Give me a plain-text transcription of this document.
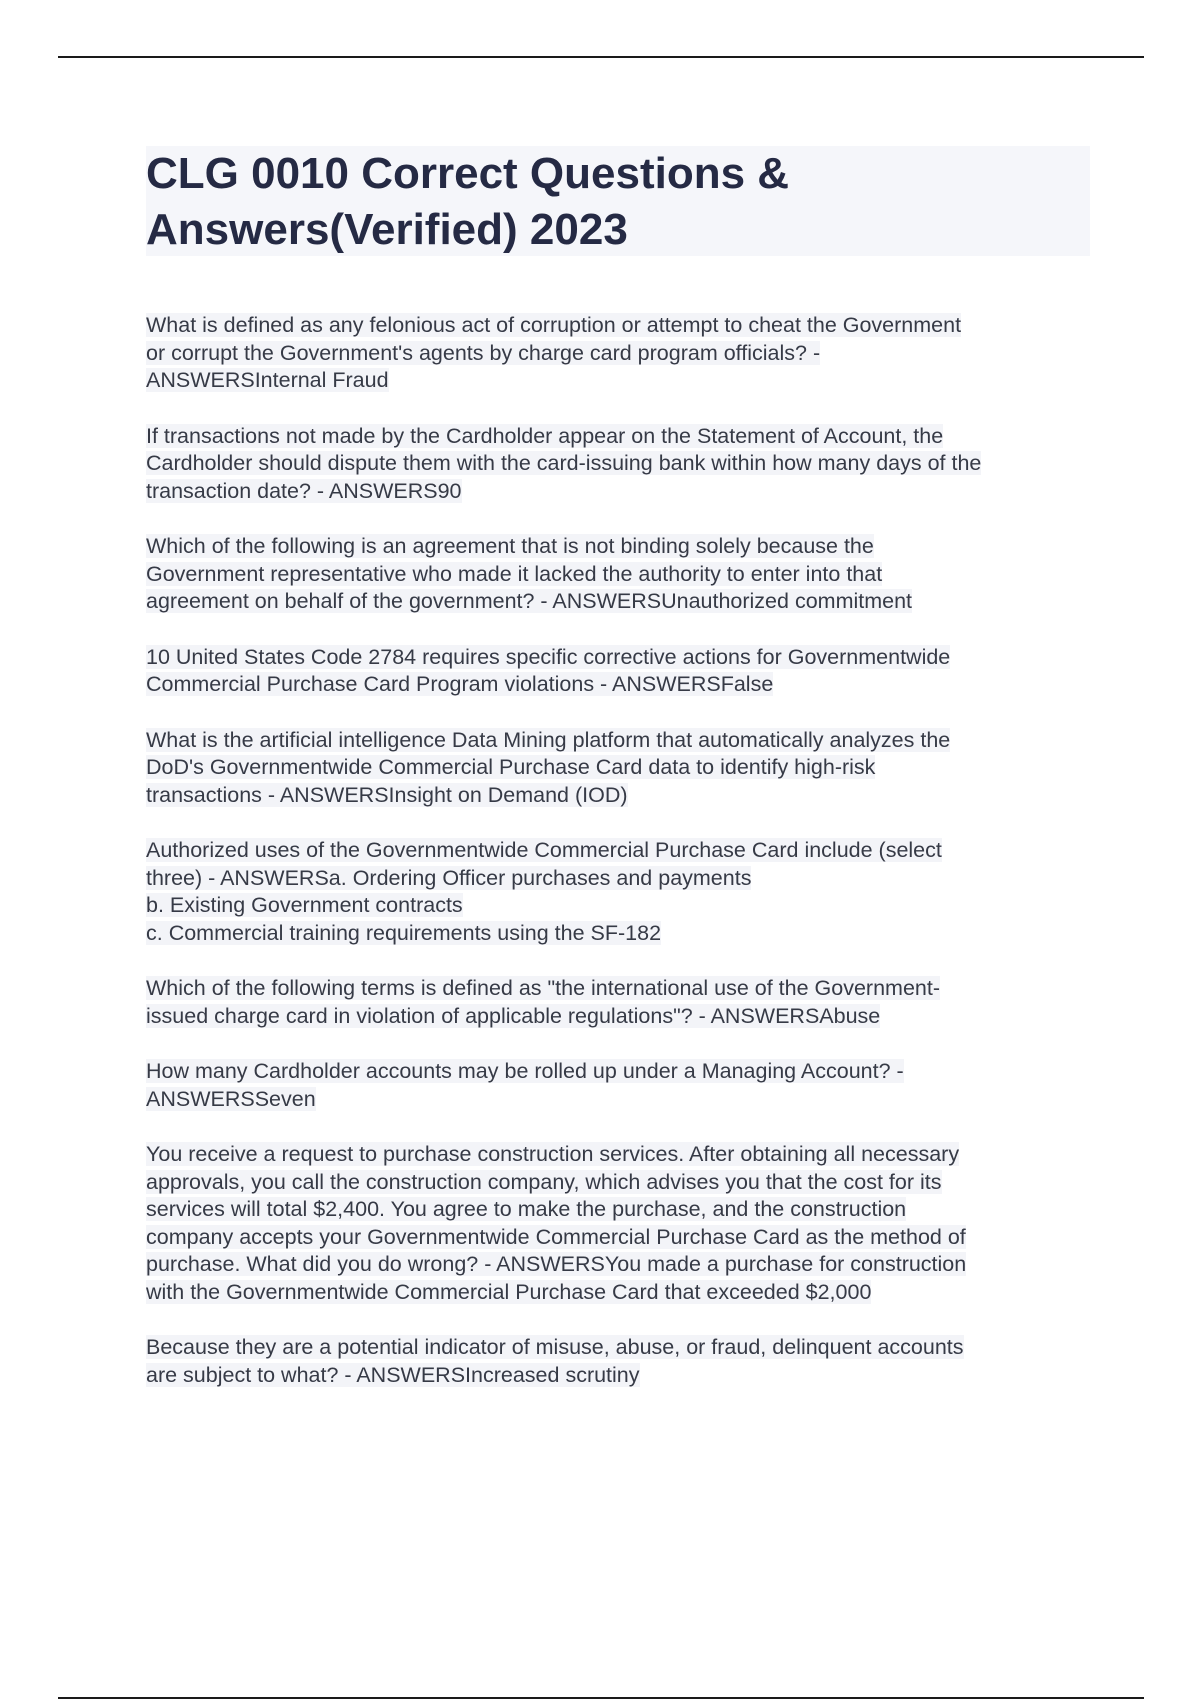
CLG 0010 Correct Questions &
Answers(Verified) 2023

What is defined as any felonious act of corruption or attempt to cheat the Government
or corrupt the Government's agents by charge card program officials? -
ANSWERSInternal Fraud

If transactions not made by the Cardholder appear on the Statement of Account, the
Cardholder should dispute them with the card-issuing bank within how many days of the
transaction date? - ANSWERS90

Which of the following is an agreement that is not binding solely because the
Government representative who made it lacked the authority to enter into that
agreement on behalf of the government? - ANSWERSUnauthorized commitment

10 United States Code 2784 requires specific corrective actions for Governmentwide
Commercial Purchase Card Program violations - ANSWERSFalse

What is the artificial intelligence Data Mining platform that automatically analyzes the
DoD's Governmentwide Commercial Purchase Card data to identify high-risk
transactions - ANSWERSInsight on Demand (IOD)

Authorized uses of the Governmentwide Commercial Purchase Card include (select
three) - ANSWERSa. Ordering Officer purchases and payments
b. Existing Government contracts
c. Commercial training requirements using the SF-182

Which of the following terms is defined as "the international use of the Government-
issued charge card in violation of applicable regulations"? - ANSWERSAbuse

How many Cardholder accounts may be rolled up under a Managing Account? -
ANSWERSSeven

You receive a request to purchase construction services. After obtaining all necessary
approvals, you call the construction company, which advises you that the cost for its
services will total $2,400. You agree to make the purchase, and the construction
company accepts your Governmentwide Commercial Purchase Card as the method of
purchase. What did you do wrong? - ANSWERSYou made a purchase for construction
with the Governmentwide Commercial Purchase Card that exceeded $2,000

Because they are a potential indicator of misuse, abuse, or fraud, delinquent accounts
are subject to what? - ANSWERSIncreased scrutiny
